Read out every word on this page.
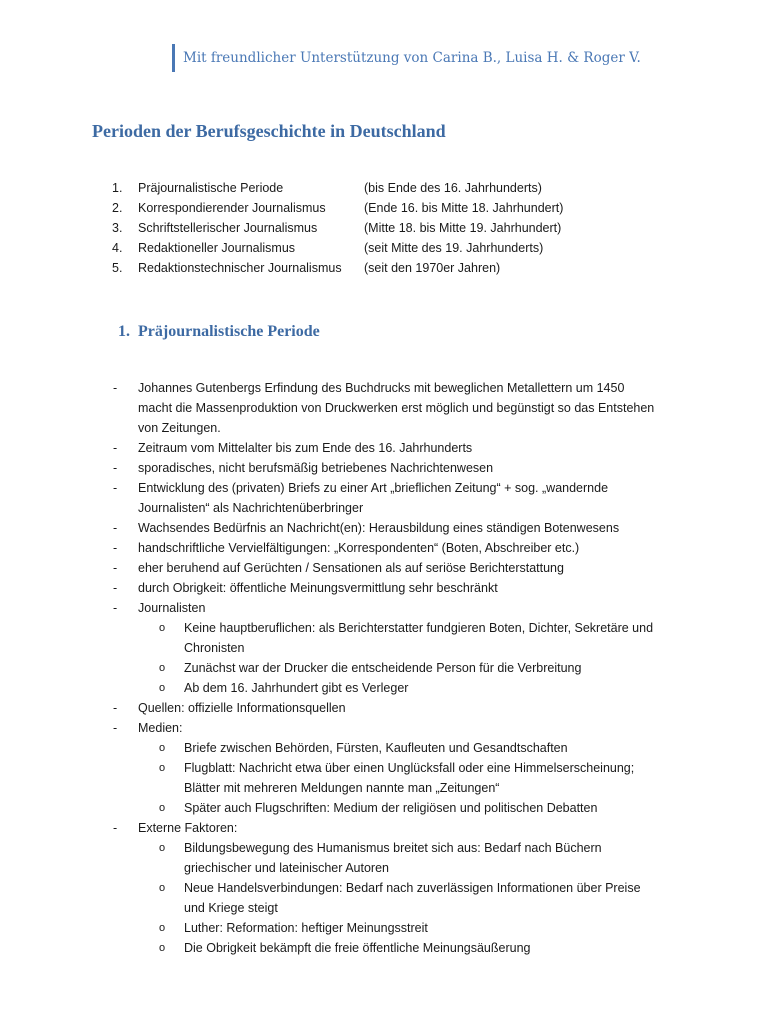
Mit freundlicher Unterstützung von Carina B., Luisa H. & Roger V.
Perioden der Berufsgeschichte in Deutschland
1.	Präjournalistische Periode	(bis Ende des 16. Jahrhunderts)
2.	Korrespondierender Journalismus	(Ende 16. bis Mitte 18. Jahrhundert)
3.	Schriftstellerischer Journalismus	(Mitte 18. bis Mitte 19. Jahrhundert)
4.	Redaktioneller Journalismus	(seit Mitte des 19. Jahrhunderts)
5.	Redaktionstechnischer Journalismus (seit den 1970er Jahren)
1. Präjournalistische Periode
- Johannes Gutenbergs Erfindung des Buchdrucks mit beweglichen Metallettern um 1450 macht die Massenproduktion von Druckwerken erst möglich und begünstigt so das Entstehen von Zeitungen.
- Zeitraum vom Mittelalter bis zum Ende des 16. Jahrhunderts
- sporadisches, nicht berufsmäßig betriebenes Nachrichtenwesen
- Entwicklung des (privaten) Briefs zu einer Art „brieflichen Zeitung“ + sog. „wandernde Journalisten“ als Nachrichtenüberbringer
- Wachsendes Bedürfnis an Nachricht(en): Herausbildung eines ständigen Botenwesens
- handschriftliche Vervielfältigungen: „Korrespondenten“ (Boten, Abschreiber etc.)
- eher beruhend auf Gerüchten / Sensationen als auf seriöse Berichterstattung
- durch Obrigkeit: öffentliche Meinungsvermittlung sehr beschränkt
- Journalisten
o Keine hauptberuflichen: als Berichterstatter fundgieren Boten, Dichter, Sekretäre und Chronisten
o Zunächst war der Drucker die entscheidende Person für die Verbreitung
o Ab dem 16. Jahrhundert gibt es Verleger
- Quellen: offizielle Informationsquellen
- Medien:
o Briefe zwischen Behörden, Fürsten, Kaufleuten und Gesandtschaften
o Flugblatt: Nachricht etwa über einen Unglücksfall oder eine Himmelserscheinung; Blätter mit mehreren Meldungen nannte man „Zeitungen“
o Später auch Flugschriften: Medium der religiösen und politischen Debatten
- Externe Faktoren:
o Bildungsbewegung des Humanismus breitet sich aus: Bedarf nach Büchern griechischer und lateinischer Autoren
o Neue Handelsverbindungen: Bedarf nach zuverlässigen Informationen über Preise und Kriege steigt
o Luther: Reformation: heftiger Meinungsstreit
o Die Obrigkeit bekämpft die freie öffentliche Meinungsäußerung
